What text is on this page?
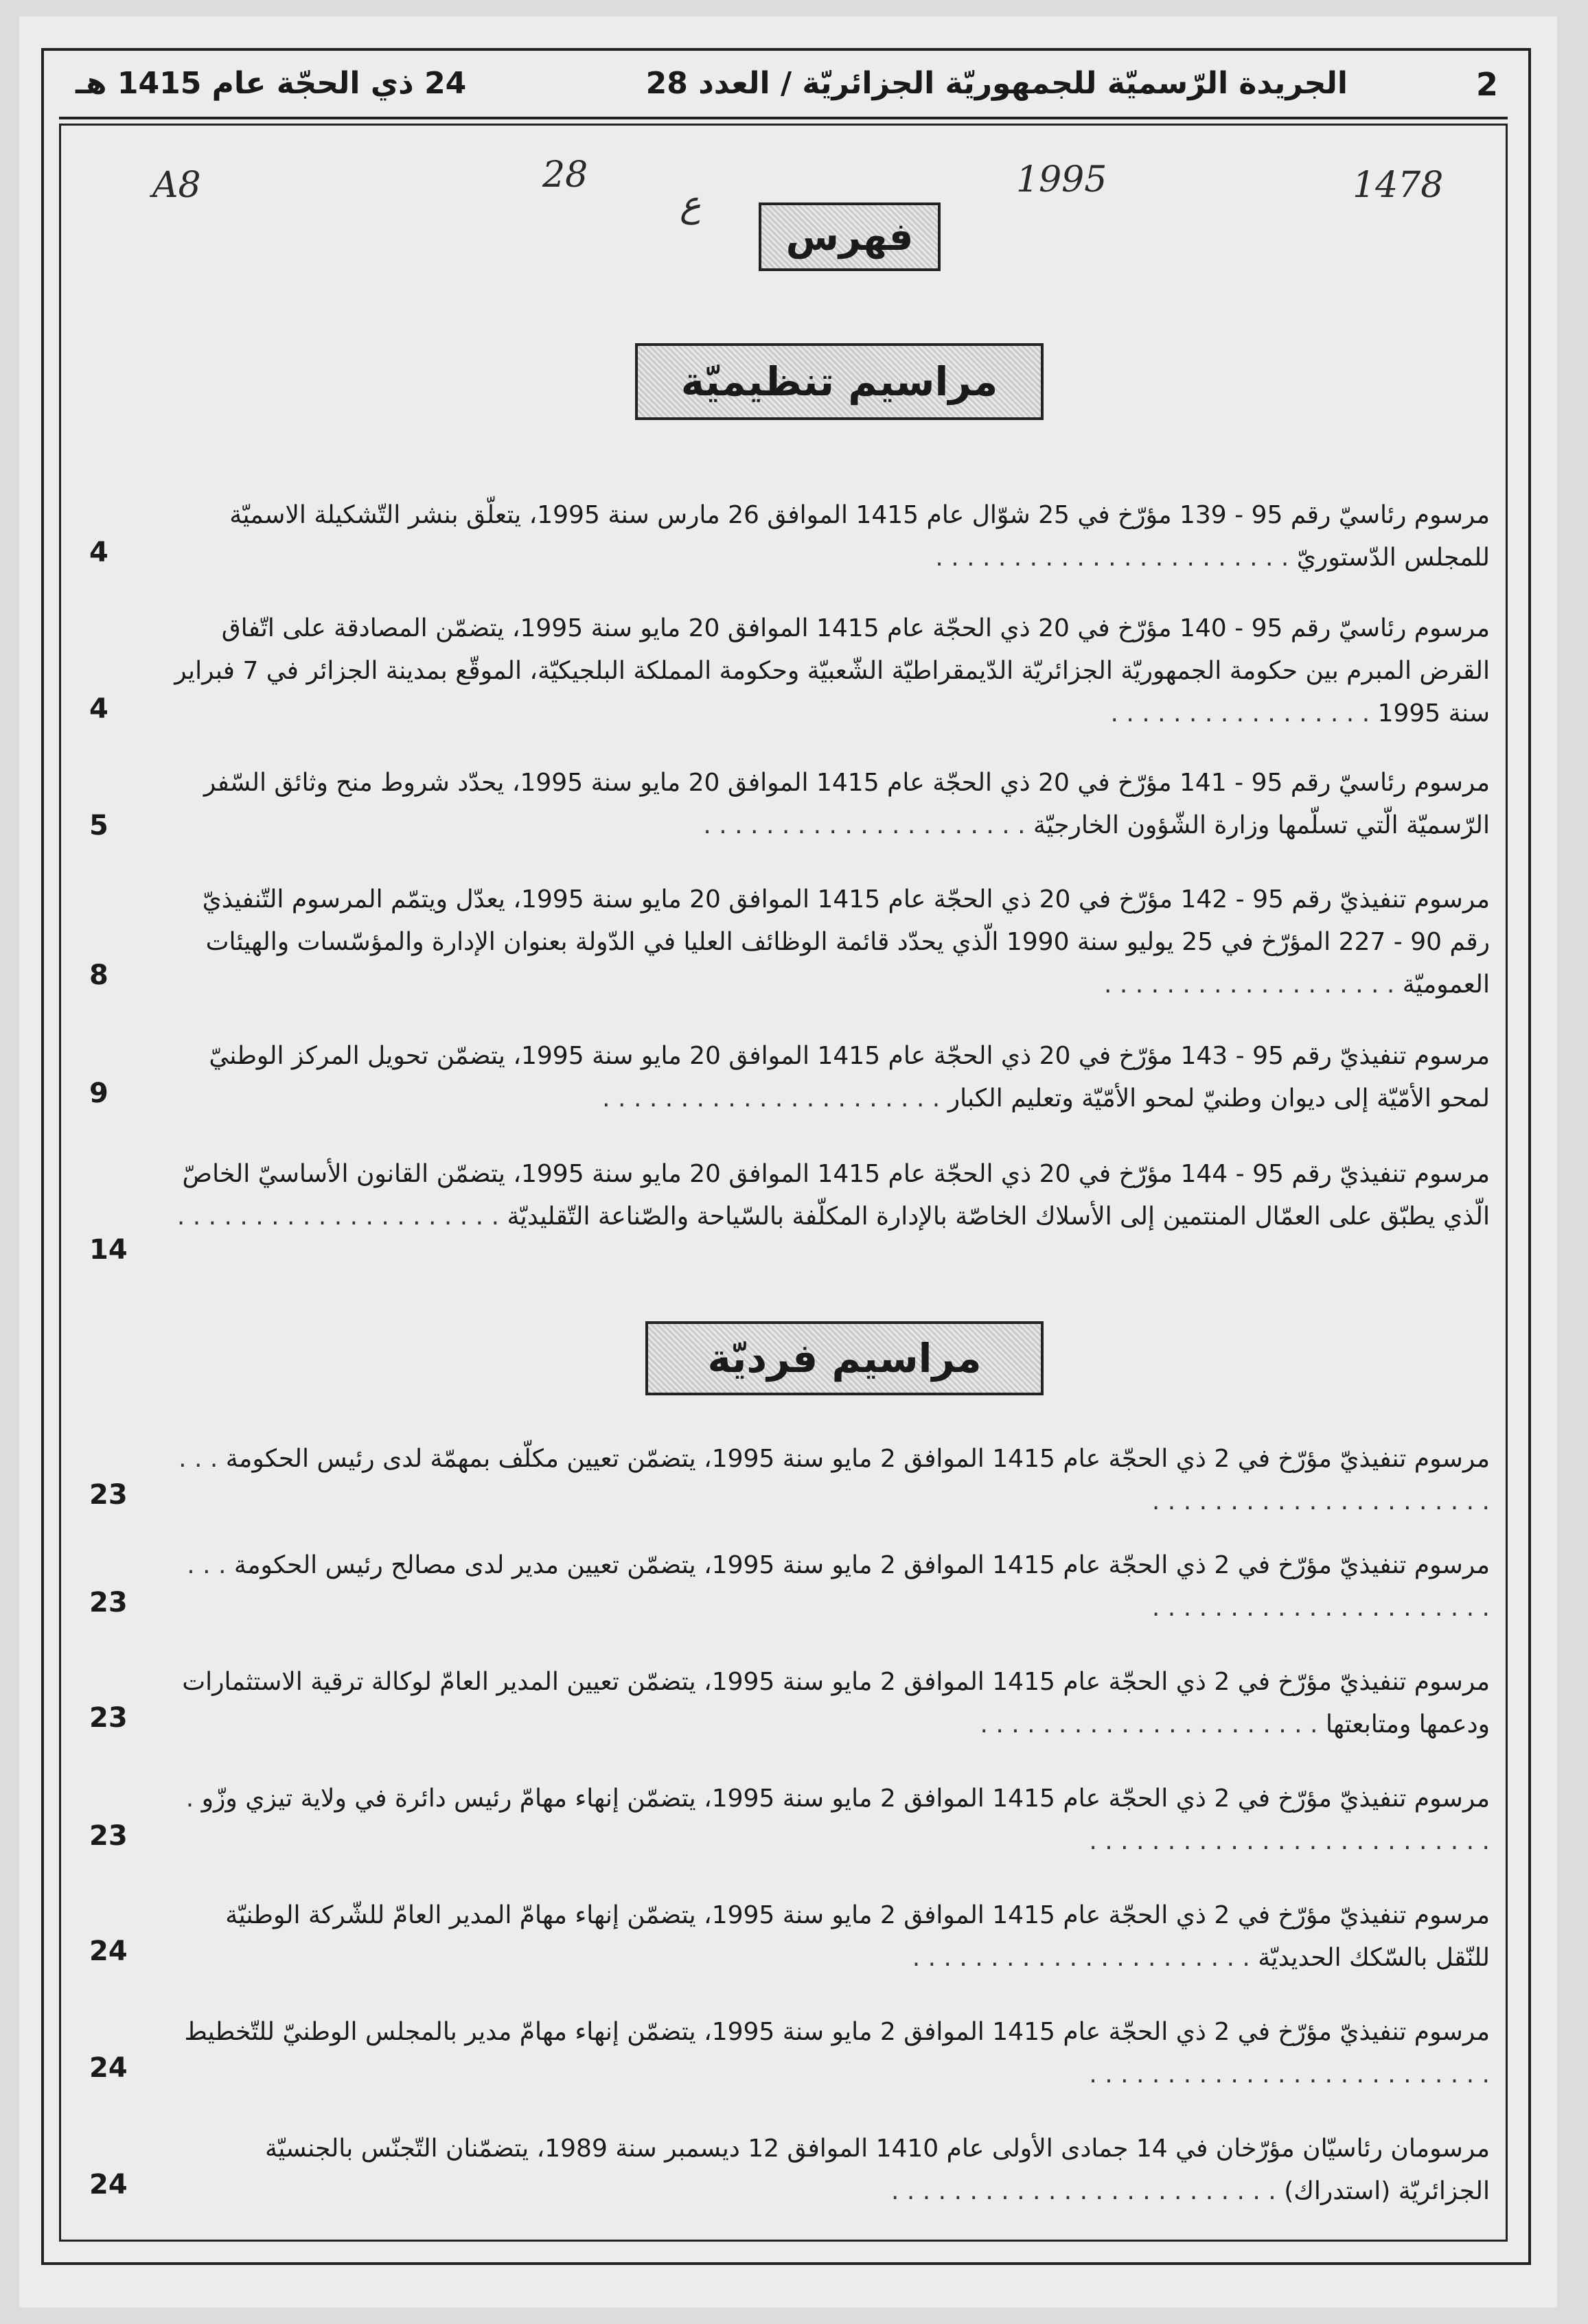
2
الجريدة الرّسميّة للجمهوريّة الجزائريّة / العدد 28
24 ذي الحجّة عام 1415 هـ
1478
1995
ع
28
A8
فهرس
مراسيم تنظيميّة
مراسيم فرديّة
مرسوم رئاسيّ رقم 95 - 139 مؤرّخ في 25 شوّال عام 1415 الموافق 26 مارس سنة 1995، يتعلّق بنشر التّشكيلة الاسميّة للمجلس الدّستوريّ . . . . . . . . . . . . . . . . . . . . . . .
4
مرسوم رئاسيّ رقم 95 - 140 مؤرّخ في 20 ذي الحجّة عام 1415 الموافق 20 مايو سنة 1995، يتضمّن المصادقة على اتّفاق القرض المبرم بين حكومة الجمهوريّة الجزائريّة الدّيمقراطيّة الشّعبيّة وحكومة المملكة البلجيكيّة، الموقّع بمدينة الجزائر في 7 فبراير سنة 1995 . . . . . . . . . . . . . . . . .
4
مرسوم رئاسيّ رقم 95 - 141 مؤرّخ في 20 ذي الحجّة عام 1415 الموافق 20 مايو سنة 1995، يحدّد شروط منح وثائق السّفر الرّسميّة الّتي تسلّمها وزارة الشّؤون الخارجيّة . . . . . . . . . . . . . . . . . . . . .
5
مرسوم تنفيذيّ رقم 95 - 142 مؤرّخ في 20 ذي الحجّة عام 1415 الموافق 20 مايو سنة 1995، يعدّل ويتمّم المرسوم التّنفيذيّ رقم 90 - 227 المؤرّخ في 25 يوليو سنة 1990 الّذي يحدّد قائمة الوظائف العليا في الدّولة بعنوان الإدارة والمؤسّسات والهيئات العموميّة . . . . . . . . . . . . . . . . . . .
8
مرسوم تنفيذيّ رقم 95 - 143 مؤرّخ في 20 ذي الحجّة عام 1415 الموافق 20 مايو سنة 1995، يتضمّن تحويل المركز الوطنيّ لمحو الأمّيّة إلى ديوان وطنيّ لمحو الأمّيّة وتعليم الكبار . . . . . . . . . . . . . . . . . . . . . .
9
مرسوم تنفيذيّ رقم 95 - 144 مؤرّخ في 20 ذي الحجّة عام 1415 الموافق 20 مايو سنة 1995، يتضمّن القانون الأساسيّ الخاصّ الّذي يطبّق على العمّال المنتمين إلى الأسلاك الخاصّة بالإدارة المكلّفة بالسّياحة والصّناعة التّقليديّة . . . . . . . . . . . . . . . . . . . . .
14
مرسوم تنفيذيّ مؤرّخ في 2 ذي الحجّة عام 1415 الموافق 2 مايو سنة 1995، يتضمّن تعيين مكلّف بمهمّة لدى رئيس الحكومة . . . . . . . . . . . . . . . . . . . . . . . . .
23
مرسوم تنفيذيّ مؤرّخ في 2 ذي الحجّة عام 1415 الموافق 2 مايو سنة 1995، يتضمّن تعيين مدير لدى مصالح رئيس الحكومة . . . . . . . . . . . . . . . . . . . . . . . . .
23
مرسوم تنفيذيّ مؤرّخ في 2 ذي الحجّة عام 1415 الموافق 2 مايو سنة 1995، يتضمّن تعيين المدير العامّ لوكالة ترقية الاستثمارات ودعمها ومتابعتها . . . . . . . . . . . . . . . . . . . . . .
23
مرسوم تنفيذيّ مؤرّخ في 2 ذي الحجّة عام 1415 الموافق 2 مايو سنة 1995، يتضمّن إنهاء مهامّ رئيس دائرة في ولاية تيزي وزّو . . . . . . . . . . . . . . . . . . . . . . . . . . .
23
مرسوم تنفيذيّ مؤرّخ في 2 ذي الحجّة عام 1415 الموافق 2 مايو سنة 1995، يتضمّن إنهاء مهامّ المدير العامّ للشّركة الوطنيّة للنّقل بالسّكك الحديديّة . . . . . . . . . . . . . . . . . . . . . .
24
مرسوم تنفيذيّ مؤرّخ في 2 ذي الحجّة عام 1415 الموافق 2 مايو سنة 1995، يتضمّن إنهاء مهامّ مدير بالمجلس الوطنيّ للتّخطيط . . . . . . . . . . . . . . . . . . . . . . . . . .
24
مرسومان رئاسيّان مؤرّخان في 14 جمادى الأولى عام 1410 الموافق 12 ديسمبر سنة 1989، يتضمّنان التّجنّس بالجنسيّة الجزائريّة (استدراك) . . . . . . . . . . . . . . . . . . . . . . . . .
24
